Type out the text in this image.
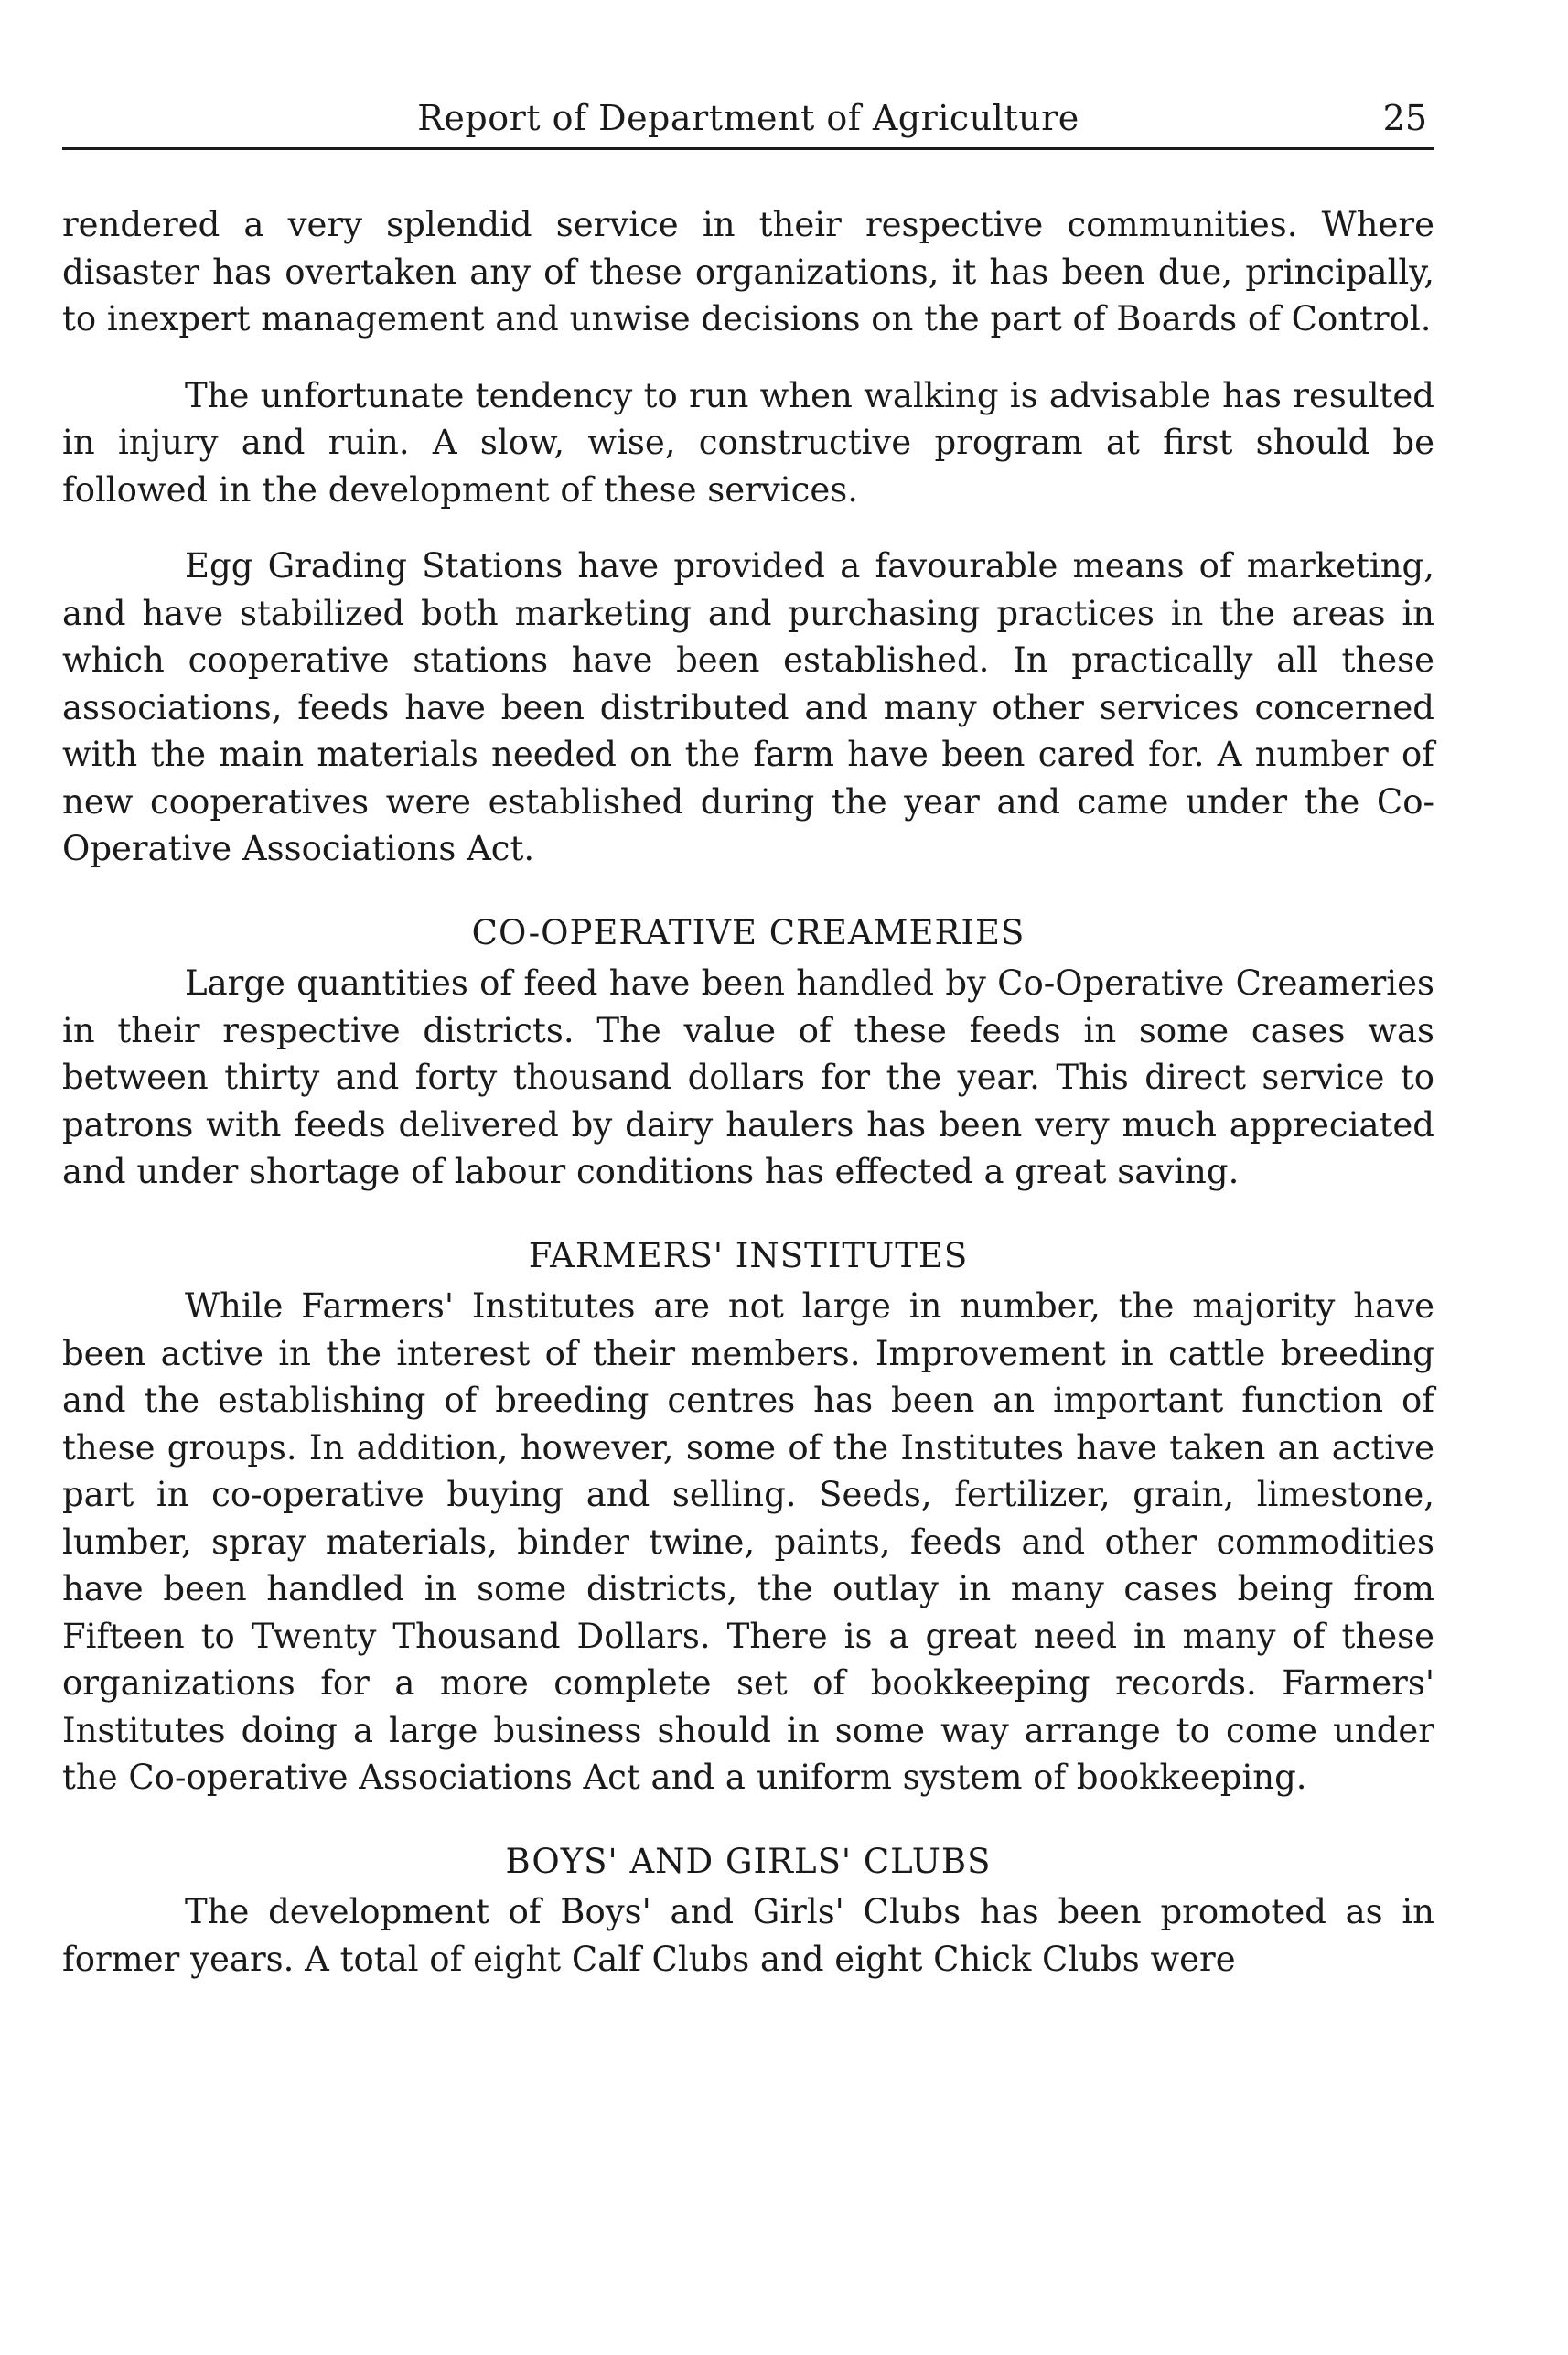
Report of Department of Agriculture	25

rendered a very splendid service in their respective communities. Where disaster has overtaken any of these organizations, it has been due, principally, to inexpert management and unwise decisions on the part of Boards of Control.

The unfortunate tendency to run when walking is advisable has resulted in injury and ruin. A slow, wise, constructive program at first should be followed in the development of these services.

Egg Grading Stations have provided a favourable means of marketing, and have stabilized both marketing and purchasing practices in the areas in which cooperative stations have been established. In practically all these associations, feeds have been distributed and many other services concerned with the main materials needed on the farm have been cared for. A number of new cooperatives were established during the year and came under the Co-Operative Associations Act.

CO-OPERATIVE CREAMERIES

Large quantities of feed have been handled by Co-Operative Creameries in their respective districts. The value of these feeds in some cases was between thirty and forty thousand dollars for the year. This direct service to patrons with feeds delivered by dairy haulers has been very much appreciated and under shortage of labour conditions has effected a great saving.

FARMERS' INSTITUTES

While Farmers' Institutes are not large in number, the majority have been active in the interest of their members. Improvement in cattle breeding and the establishing of breeding centres has been an important function of these groups. In addition, however, some of the Institutes have taken an active part in co-operative buying and selling. Seeds, fertilizer, grain, limestone, lumber, spray materials, binder twine, paints, feeds and other commodities have been handled in some districts, the outlay in many cases being from Fifteen to Twenty Thousand Dollars. There is a great need in many of these organizations for a more complete set of bookkeeping records. Farmers' Institutes doing a large business should in some way arrange to come under the Co-operative Associations Act and a uniform system of bookkeeping.

BOYS' AND GIRLS' CLUBS

The development of Boys' and Girls' Clubs has been promoted as in former years. A total of eight Calf Clubs and eight Chick Clubs were
